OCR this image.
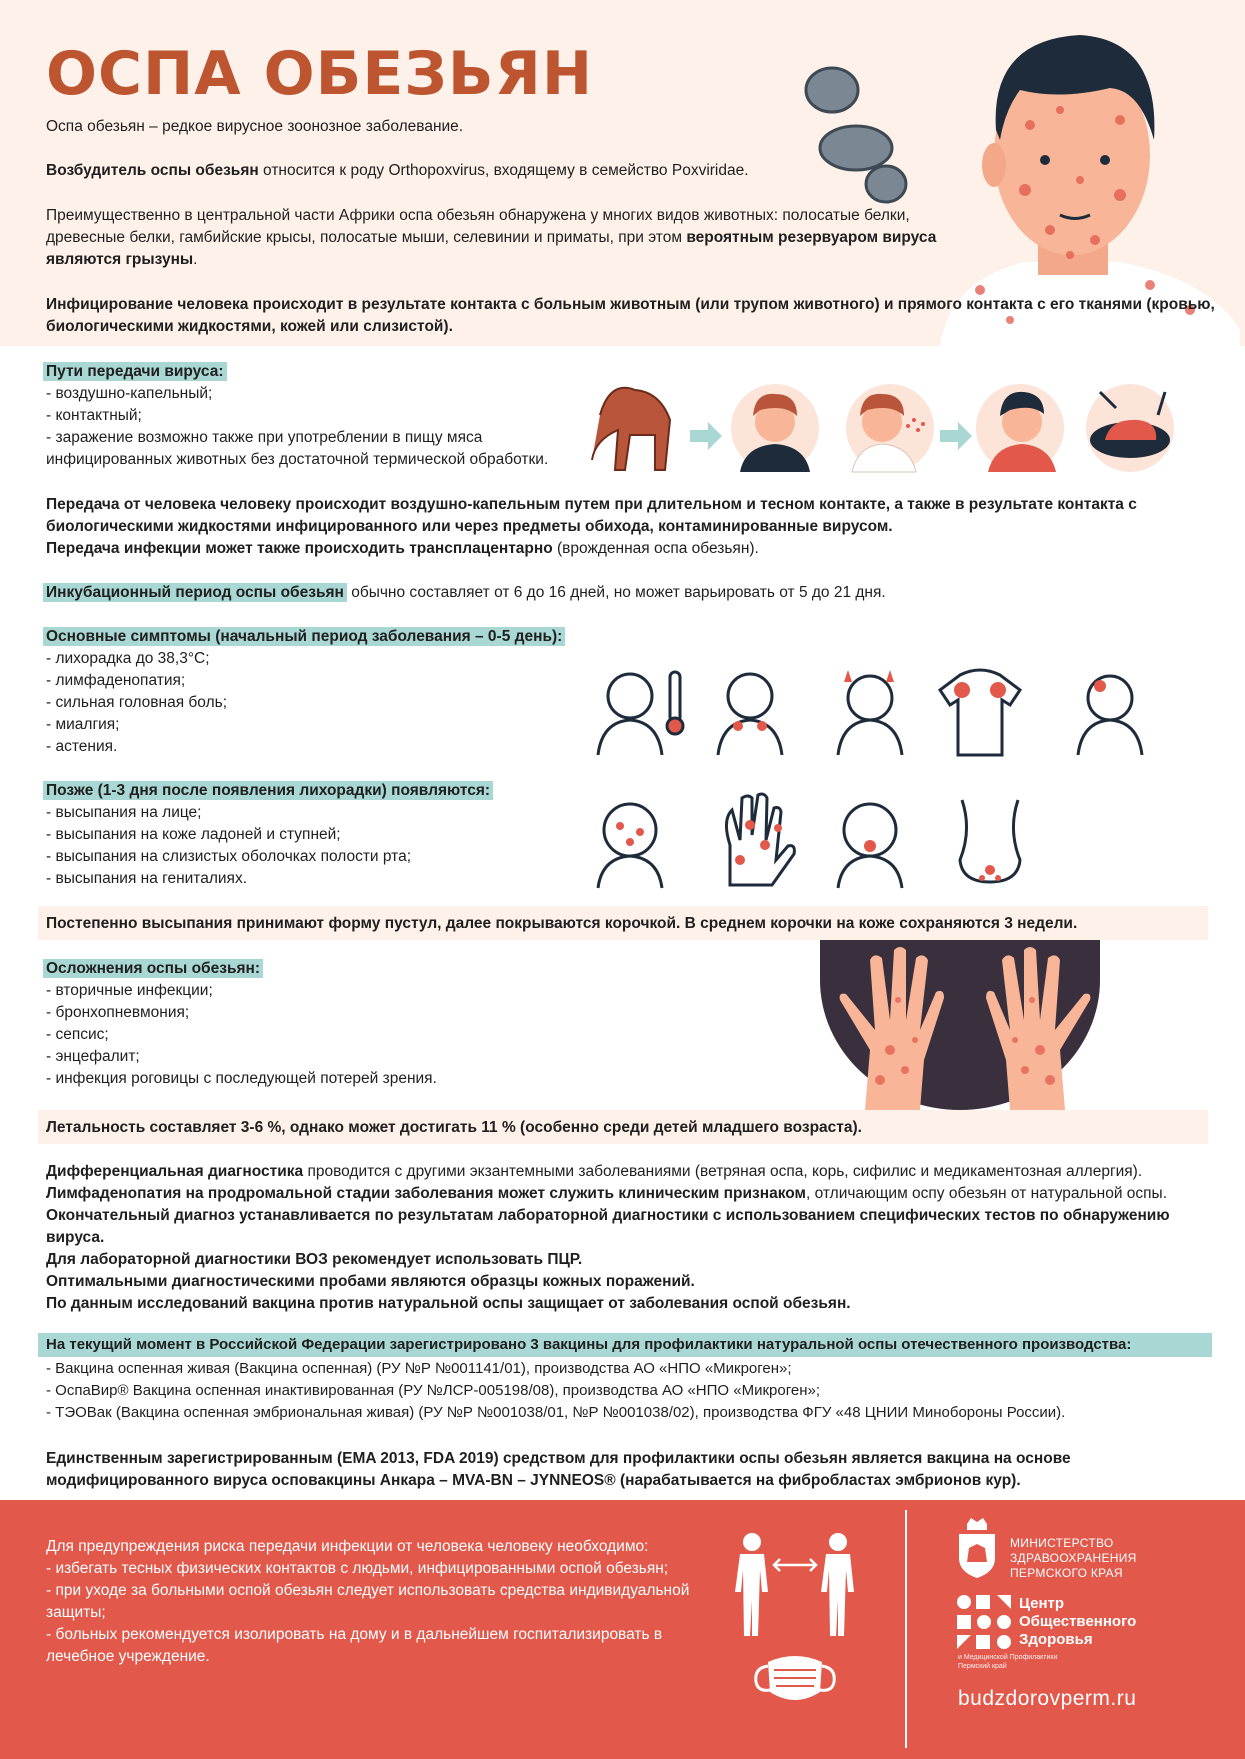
ОСПА ОБЕЗЬЯН

Оспа обезьян – редкое вирусное зоонозное заболевание.

Возбудитель оспы обезьян относится к роду Orthopoxvirus, входящему в семейство Poxviridae.

Преимущественно в центральной части Африки оспа обезьян обнаружена у многих видов животных: полосатые белки, древесные белки, гамбийские крысы, полосатые мыши, селевинии и приматы, при этом вероятным резервуаром вируса являются грызуны.

Инфицирование человека происходит в результате контакта с больным животным (или трупом животного) и прямого контакта с его тканями (кровью, биологическими жидкостями, кожей или слизистой).

Пути передачи вируса:

- воздушно-капельный;
- контактный;
- заражение возможно также при употреблении в пищу мяса
инфицированных животных без достаточной термической обработки.

Передача от человека человеку происходит воздушно-капельным путем при длительном и тесном контакте, а также в результате контакта с биологическими жидкостями инфицированного или через предметы обихода, контаминированные вирусом.

Передача инфекции может также происходить трансплацентарно (врожденная оспа обезьян).

Инкубационный период оспы обезьян обычно составляет от 6 до 16 дней, но может варьировать от 5 до 21 дня.

Основные симптомы (начальный период заболевания – 0-5 день):

- лихорадка до 38,3°С;
- лимфаденопатия;
- сильная головная боль;
- миалгия;
- астения.

Позже (1-3 дня после появления лихорадки) появляются:

- высыпания на лице;
- высыпания на коже ладоней и ступней;
- высыпания на слизистых оболочках полости рта;
- высыпания на гениталиях.

Постепенно высыпания принимают форму пустул, далее покрываются корочкой. В среднем корочки на коже сохраняются 3 недели.

Осложнения оспы обезьян:

- вторичные инфекции;
- бронхопневмония;
- сепсис;
- энцефалит;
- инфекция роговицы с последующей потерей зрения.

Летальность составляет 3-6 %, однако может достигать 11 % (особенно среди детей младшего возраста).

Дифференциальная диагностика проводится с другими экзантемными заболеваниями (ветряная оспа, корь, сифилис и медикаментозная аллергия).

Лимфаденопатия на продромальной стадии заболевания может служить клиническим признаком, отличающим оспу обезьян от натуральной оспы.

Окончательный диагноз устанавливается по результатам лабораторной диагностики с использованием специфических тестов по обнаружению вируса.

Для лабораторной диагностики ВОЗ рекомендует использовать ПЦР.

Оптимальными диагностическими пробами являются образцы кожных поражений.

По данным исследований вакцина против натуральной оспы защищает от заболевания оспой обезьян.

На текущий момент в Российской Федерации зарегистрировано 3 вакцины для профилактики натуральной оспы отечественного производства:

- Вакцина оспенная живая (Вакцина оспенная) (РУ №Р №001141/01), производства АО «НПО «Микроген»;
- ОспаВир® Вакцина оспенная инактивированная (РУ №ЛСР-005198/08), производства АО «НПО «Микроген»;
- ТЭОВак (Вакцина оспенная эмбриональная живая) (РУ №Р №001038/01, №Р №001038/02), производства ФГУ «48 ЦНИИ Минобороны России).

Единственным зарегистрированным (EMA 2013, FDA 2019) средством для профилактики оспы обезьян является вакцина на основе модифицированного вируса осповакцины Анкара – MVA-BN – JYNNEOS® (нарабатывается на фибробластах эмбрионов кур).

Для предупреждения риска передачи инфекции от человека человеку необходимо:
- избегать тесных физических контактов с людьми, инфицированными оспой обезьян;
- при уходе за больными оспой обезьян следует использовать средства индивидуальной защиты;
- больных рекомендуется изолировать на дому и в дальнейшем госпитализировать в лечебное учреждение.
МИНИСТЕРСТВО
ЗДРАВООХРАНЕНИЯ
ПЕРМСКОГО КРАЯ
Центр
Общественного
Здоровья
и Медицинской Профилактики
Пермский край
budzdorovperm.ru
